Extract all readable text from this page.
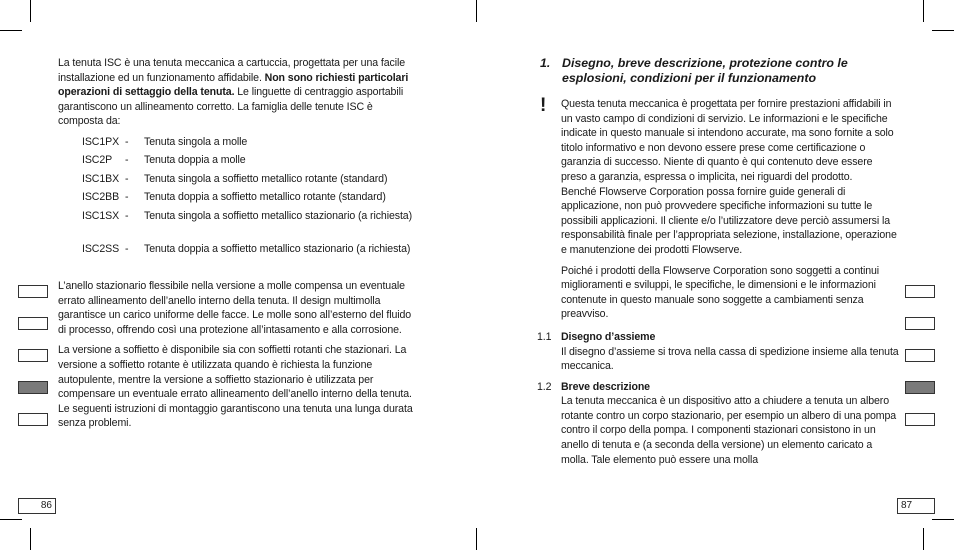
La tenuta ISC è una tenuta meccanica a cartuccia, progettata per una facile installazione ed un funzionamento affidabile. Non sono richiesti particolari operazioni di settaggio della tenuta. Le linguette di centraggio asportabili garantiscono un allineamento corretto. La famiglia delle tenute ISC è composta da:

ISC1PX - Tenuta singola a molle
ISC2P - Tenuta doppia a molle
ISC1BX - Tenuta singola a soffietto metallico rotante (standard)
ISC2BB - Tenuta doppia a soffietto metallico rotante (standard)
ISC1SX - Tenuta singola a soffietto metallico stazionario (a richiesta)
ISC2SS - Tenuta doppia a soffietto metallico stazionario (a richiesta)

L’anello stazionario flessibile nella versione a molle compensa un eventuale errato allineamento dell’anello interno della tenuta. Il design multimolla garantisce un carico uniforme delle facce. Le molle sono all’esterno del fluido di processo, offrendo così una protezione all’intasamento e alla corrosione.

La versione a soffietto è disponibile sia con soffietti rotanti che stazionari. La versione a soffietto rotante è utilizzata quando è richiesta la funzione autopulente, mentre la versione a soffietto stazionario è utilizzata per compensare un eventuale errato allineamento dell’anello interno della tenuta. Le seguenti istruzioni di montaggio garantiscono una tenuta una lunga durata senza problemi.

86
1. Disegno, breve descrizione, protezione contro le esplosioni, condizioni per il funzionamento
! Questa tenuta meccanica è progettata per fornire prestazioni affidabili in un vasto campo di condizioni di servizio. Le informazioni e le specifiche indicate in questo manuale si intendono accurate, ma sono fornite a solo titolo informativo e non devono essere prese come certificazione o garanzia di successo. Niente di quanto è qui contenuto deve essere preso a garanzia, espressa o implicita, nei riguardi del prodotto.

Benché Flowserve Corporation possa fornire guide generali di applicazione, non può provvedere specifiche informazioni su tutte le possibili applicazioni. Il cliente e/o l’utilizzatore deve perciò assumersi la responsabilità finale per l’appropriata selezione, installazione, operazione e manutenzione dei prodotti Flowserve.

Poiché i prodotti della Flowserve Corporation sono soggetti a continui miglioramenti e sviluppi, le specifiche, le dimensioni e le informazioni contenute in questo manuale sono soggette a cambiamenti senza preavviso.

1.1 Disegno d’assieme
Il disegno d’assieme si trova nella cassa di spedizione insieme alla tenuta meccanica.
1.2 Breve descrizione
La tenuta meccanica è un dispositivo atto a chiudere a tenuta un albero rotante contro un corpo stazionario, per esempio un albero di una pompa contro il corpo della pompa. I componenti stazionari consistono in un anello di tenuta e (a seconda della versione) un elemento caricato a molla. Tale elemento può essere una molla
87
